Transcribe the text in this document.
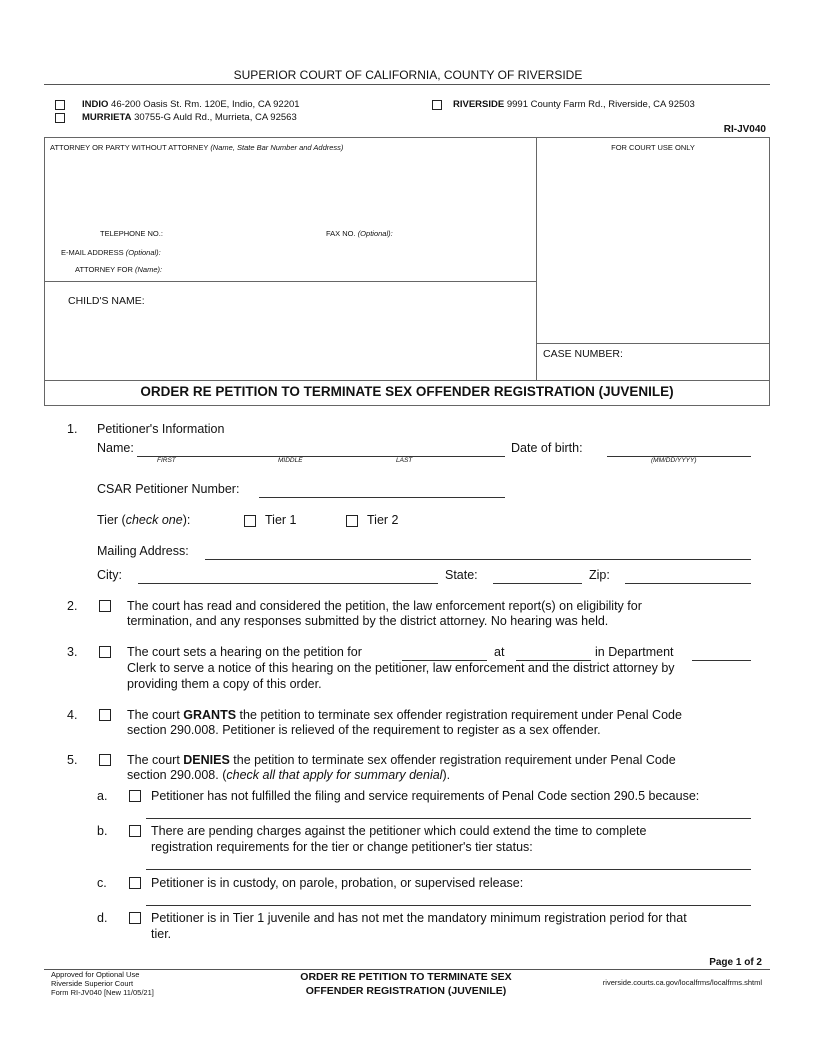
SUPERIOR COURT OF CALIFORNIA, COUNTY OF RIVERSIDE
INDIO 46-200 Oasis St. Rm. 120E, Indio, CA 92201
MURRIETA 30755-G Auld Rd., Murrieta, CA 92563
RIVERSIDE 9991 County Farm Rd., Riverside, CA 92503
RI-JV040
ATTORNEY OR PARTY WITHOUT ATTORNEY (Name, State Bar Number and Address)	FOR COURT USE ONLY
TELEPHONE NO.:	FAX NO. (Optional):
E-MAIL ADDRESS (Optional):
ATTORNEY FOR (Name):
CHILD'S NAME:
CASE NUMBER:
ORDER RE PETITION TO TERMINATE SEX OFFENDER REGISTRATION (JUVENILE)
1. Petitioner's Information
Name:
FIRST	MIDDLE	LAST
Date of birth:
(MM/DD/YYYY)
CSAR Petitioner Number:
Tier (check one):	Tier 1	Tier 2
Mailing Address:
City:	State:	Zip:
2.	The court has read and considered the petition, the law enforcement report(s) on eligibility for
termination, and any responses submitted by the district attorney. No hearing was held.
3.	The court sets a hearing on the petition for	at	in Department
Clerk to serve a notice of this hearing on the petitioner, law enforcement and the district attorney by
providing them a copy of this order.
4.	The court GRANTS the petition to terminate sex offender registration requirement under Penal Code
section 290.008. Petitioner is relieved of the requirement to register as a sex offender.
5.	The court DENIES the petition to terminate sex offender registration requirement under Penal Code
section 290.008. (check all that apply for summary denial).
a.	Petitioner has not fulfilled the filing and service requirements of Penal Code section 290.5 because:
b.	There are pending charges against the petitioner which could extend the time to complete
registration requirements for the tier or change petitioner's tier status:
c.	Petitioner is in custody, on parole, probation, or supervised release:
d.	Petitioner is in Tier 1 juvenile and has not met the mandatory minimum registration period for that
tier.
Page 1 of 2
Approved for Optional Use
Riverside Superior Court
Form RI-JV040 [New 11/05/21]
ORDER RE PETITION TO TERMINATE SEX
OFFENDER REGISTRATION (JUVENILE)
riverside.courts.ca.gov/localfrms/localfrms.shtml
